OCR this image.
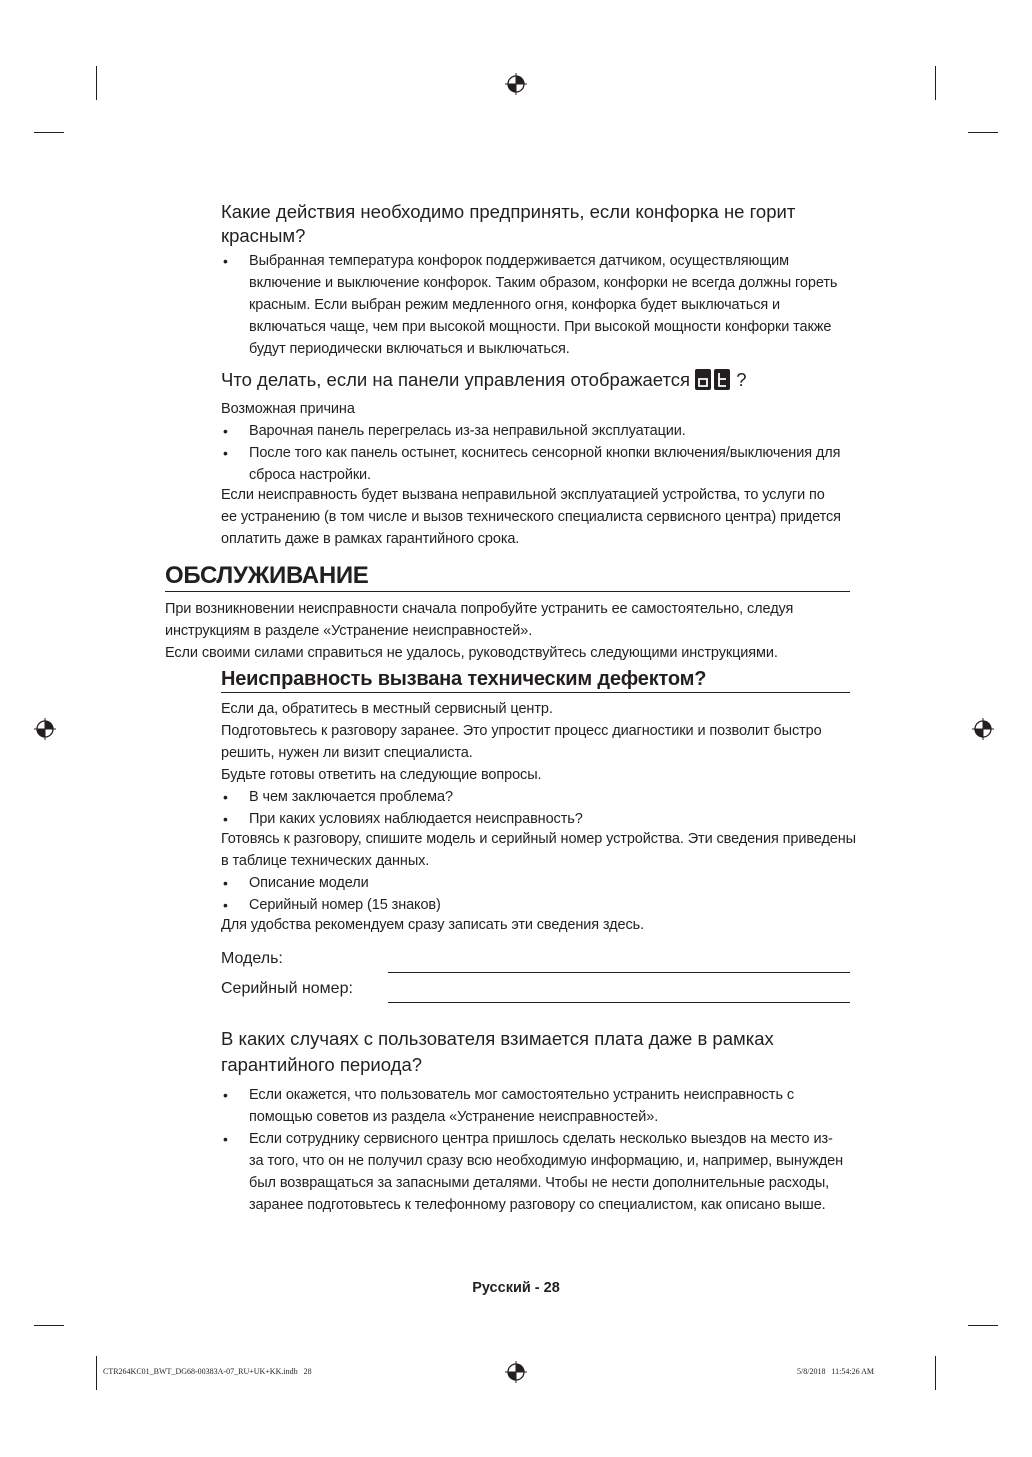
Какие действия необходимо предпринять, если конфорка не горит красным?
• Выбранная температура конфорок поддерживается датчиком, осуществляющим включение и выключение конфорок. Таким образом, конфорки не всегда должны гореть красным. Если выбран режим медленного огня, конфорка будет выключаться и включаться чаще, чем при высокой мощности. При высокой мощности конфорки также будут периодически включаться и выключаться.
Что делать, если на панели управления отображается	?
Возможная причина
• Варочная панель перегрелась из-за неправильной эксплуатации.
• После того как панель остынет, коснитесь сенсорной кнопки включения/выключения для сброса настройки.
Если неисправность будет вызвана неправильной эксплуатацией устройства, то услуги по ее устранению (в том числе и вызов технического специалиста сервисного центра) придется оплатить даже в рамках гарантийного срока.
ОБСЛУЖИВАНИЕ
При возникновении неисправности сначала попробуйте устранить ее самостоятельно, следуя инструкциям в разделе «Устранение неисправностей».
Если своими силами справиться не удалось, руководствуйтесь следующими инструкциями.
Неисправность вызвана техническим дефектом?
Если да, обратитесь в местный сервисный центр.
Подготовьтесь к разговору заранее. Это упростит процесс диагностики и позволит быстро решить, нужен ли визит специалиста.
Будьте готовы ответить на следующие вопросы.
• В чем заключается проблема?
• При каких условиях наблюдается неисправность?
Готовясь к разговору, спишите модель и серийный номер устройства. Эти сведения приведены в таблице технических данных.
• Описание модели
• Серийный номер (15 знаков)
Для удобства рекомендуем сразу записать эти сведения здесь.
Модель:
Серийный номер:
В каких случаях с пользователя взимается плата даже в рамках гарантийного периода?
• Если окажется, что пользователь мог самостоятельно устранить неисправность с помощью советов из раздела «Устранение неисправностей».
• Если сотруднику сервисного центра пришлось сделать несколько выездов на место из-за того, что он не получил сразу всю необходимую информацию, и, например, вынужден был возвращаться за запасными деталями. Чтобы не нести дополнительные расходы, заранее подготовьтесь к телефонному разговору со специалистом, как описано выше.
Русский - 28
CTR264KC01_BWT_DG68-00383A-07_RU+UK+KK.indb   28	5/8/2018   11:54:26 AM
